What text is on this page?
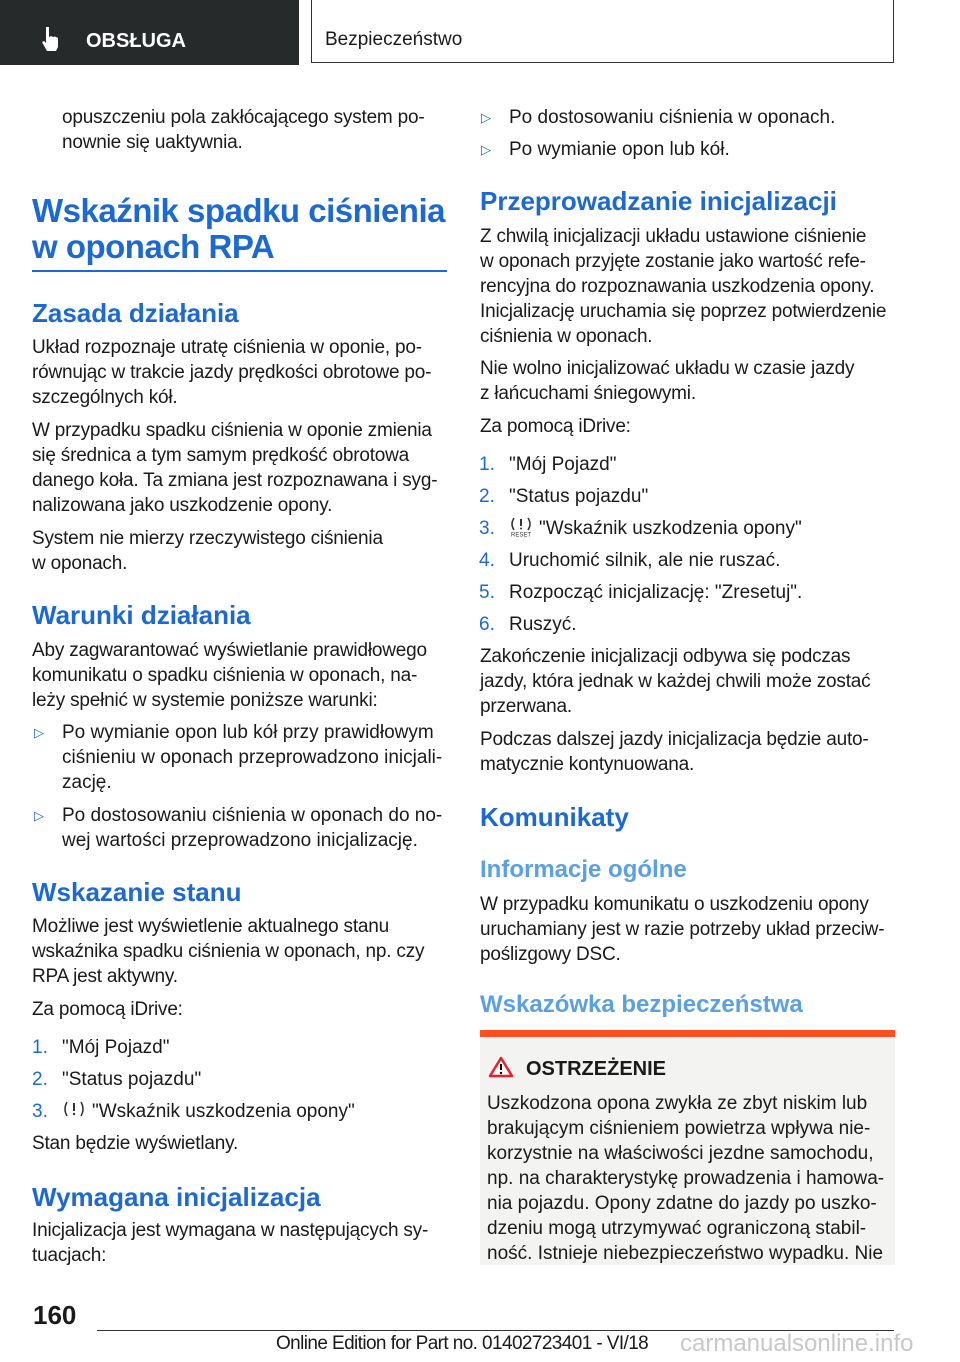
OBSŁUGA	Bezpieczeństwo
opuszczeniu pola zakłócającego system po-
nownie się uaktywnia.
Wskaźnik spadku ciśnienia
w oponach RPA
Zasada działania
Układ rozpoznaje utratę ciśnienia w oponie, po-
równując w trakcie jazdy prędkości obrotowe po-
szczególnych kół.
W przypadku spadku ciśnienia w oponie zmienia
się średnica a tym samym prędkość obrotowa
danego koła. Ta zmiana jest rozpoznawana i syg-
nalizowana jako uszkodzenie opony.
System nie mierzy rzeczywistego ciśnienia
w oponach.
Warunki działania
Aby zagwarantować wyświetlanie prawidłowego
komunikatu o spadku ciśnienia w oponach, na-
leży spełnić w systemie poniższe warunki:
▷ Po wymianie opon lub kół przy prawidłowym
ciśnieniu w oponach przeprowadzono inicjali-
zację.
▷ Po dostosowaniu ciśnienia w oponach do no-
wej wartości przeprowadzono inicjalizację.
Wskazanie stanu
Możliwe jest wyświetlenie aktualnego stanu
wskaźnika spadku ciśnienia w oponach, np. czy
RPA jest aktywny.
Za pomocą iDrive:
1. "Mój Pojazd"
2. "Status pojazdu"
3. "Wskaźnik uszkodzenia opony"
Stan będzie wyświetlany.
Wymagana inicjalizacja
Inicjalizacja jest wymagana w następujących sy-
tuacjach:
▷ Po dostosowaniu ciśnienia w oponach.
▷ Po wymianie opon lub kół.
Przeprowadzanie inicjalizacji
Z chwilą inicjalizacji układu ustawione ciśnienie
w oponach przyjęte zostanie jako wartość refe-
rencyjna do rozpoznawania uszkodzenia opony.
Inicjalizację uruchamia się poprzez potwierdzenie
ciśnienia w oponach.
Nie wolno inicjalizować układu w czasie jazdy
z łańcuchami śniegowymi.
Za pomocą iDrive:
1. "Mój Pojazd"
2. "Status pojazdu"
3.	RESET "Wskaźnik uszkodzenia opony"
4. Uruchomić silnik, ale nie ruszać.
5. Rozpocząć inicjalizację: "Zresetuj".
6. Ruszyć.
Zakończenie inicjalizacji odbywa się podczas
jazdy, która jednak w każdej chwili może zostać
przerwana.
Podczas dalszej jazdy inicjalizacja będzie auto-
matycznie kontynuowana.
Komunikaty
Informacje ogólne
W przypadku komunikatu o uszkodzeniu opony
uruchamiany jest w razie potrzeby układ przeciw-
poślizgowy DSC.
Wskazówka bezpieczeństwa
OSTRZEŻENIE
Uszkodzona opona zwykła ze zbyt niskim lub
brakującym ciśnieniem powietrza wpływa nie-
korzystnie na właściwości jezdne samochodu,
np. na charakterystykę prowadzenia i hamowa-
nia pojazdu. Opony zdatne do jazdy po uszko-
dzeniu mogą utrzymywać ograniczoną stabil-
ność. Istnieje niebezpieczeństwo wypadku. Nie
160
Online Edition for Part no. 01402723401 - VI/18 carmanualsonline.info
